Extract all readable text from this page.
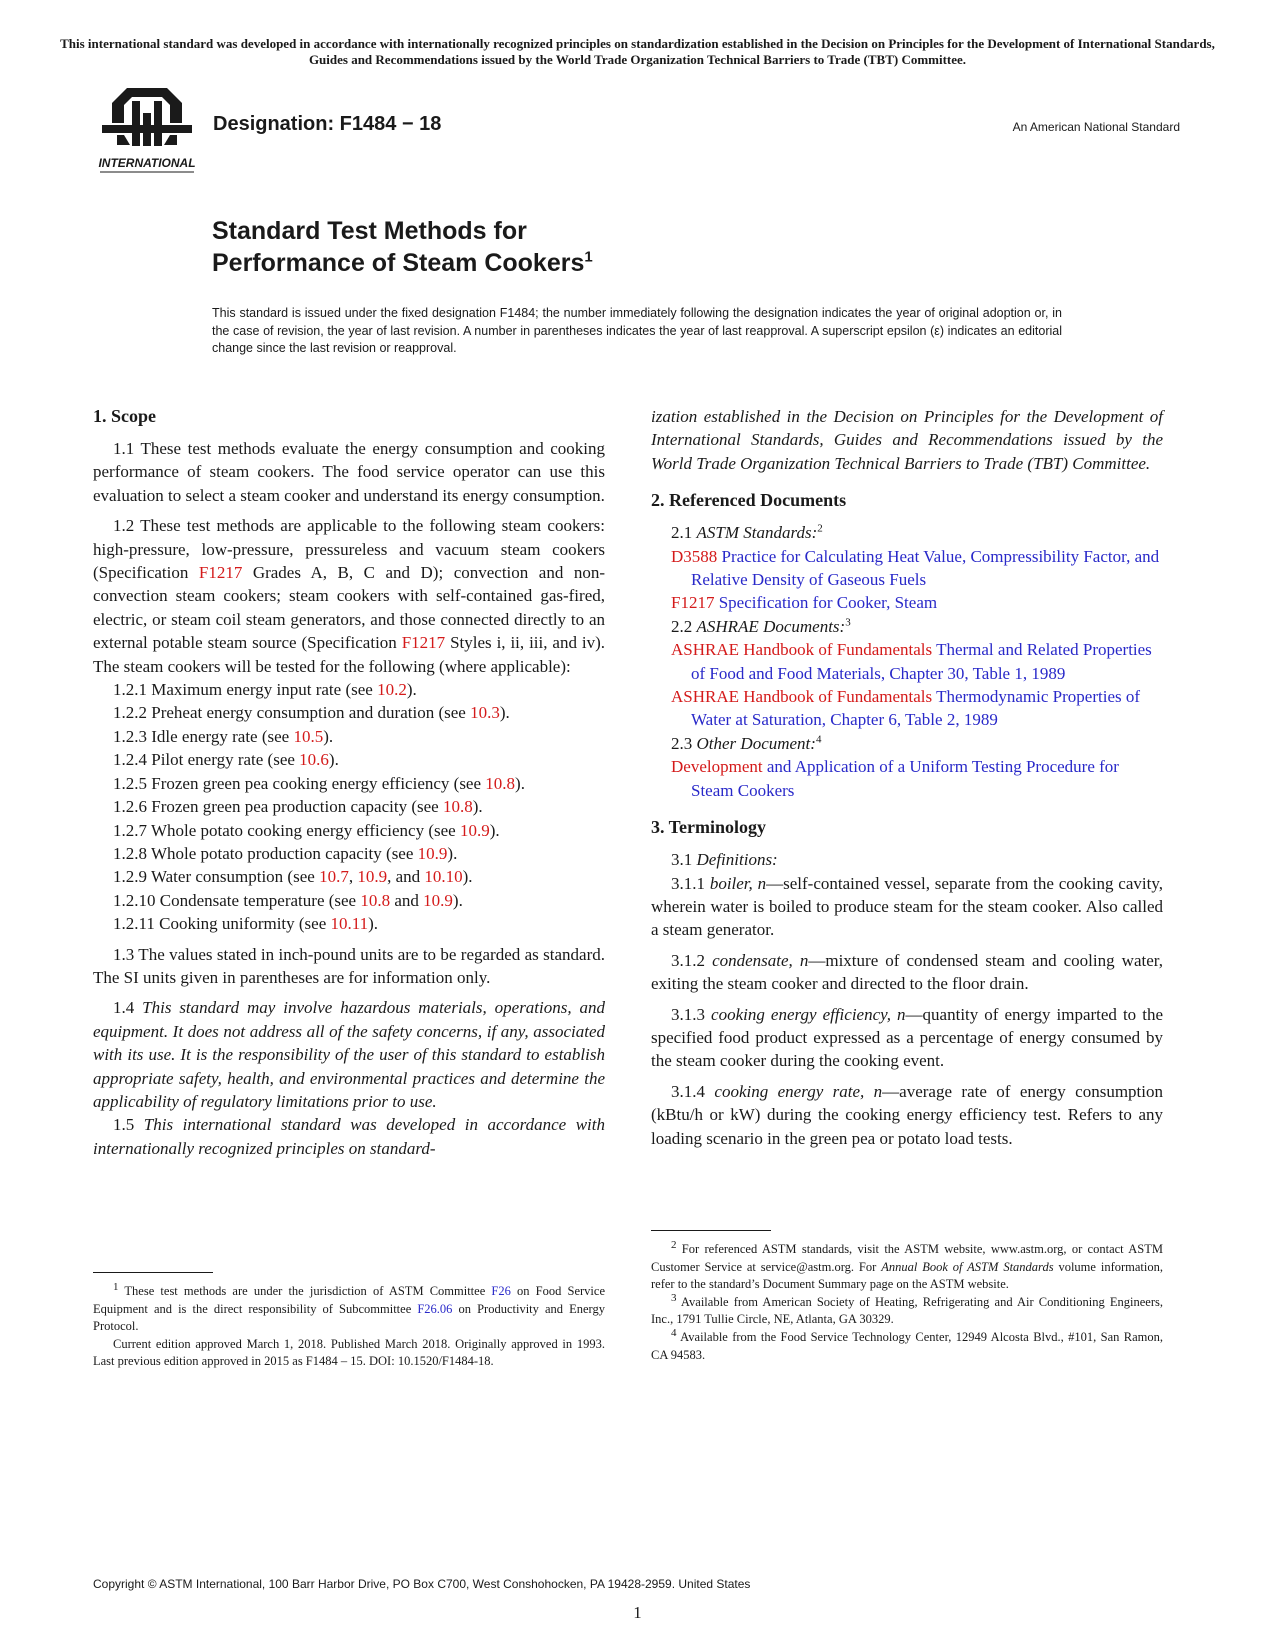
This international standard was developed in accordance with internationally recognized principles on standardization established in the Decision on Principles for the Development of International Standards, Guides and Recommendations issued by the World Trade Organization Technical Barriers to Trade (TBT) Committee.
INTERNATIONAL
Designation: F1484 − 18	An American National Standard
Standard Test Methods for
Performance of Steam Cookers$^1$
This standard is issued under the fixed designation F1484; the number immediately following the designation indicates the year of original adoption or, in the case of revision, the year of last revision. A number in parentheses indicates the year of last reapproval. A superscript epsilon (ε) indicates an editorial change since the last revision or reapproval.
1. Scope

1.1 These test methods evaluate the energy consumption and cooking performance of steam cookers. The food service operator can use this evaluation to select a steam cooker and understand its energy consumption.

1.2 These test methods are applicable to the following steam cookers: high-pressure, low-pressure, pressureless and vacuum steam cookers (Specification F1217 Grades A, B, C and D); convection and non-convection steam cookers; steam cookers with self-contained gas-fired, electric, or steam coil steam generators, and those connected directly to an external potable steam source (Specification F1217 Styles i, ii, iii, and iv). The steam cookers will be tested for the following (where applicable):

1.2.1 Maximum energy input rate (see 10.2).
1.2.2 Preheat energy consumption and duration (see 10.3).
1.2.3 Idle energy rate (see 10.5).
1.2.4 Pilot energy rate (see 10.6).
1.2.5 Frozen green pea cooking energy efficiency (see 10.8).
1.2.6 Frozen green pea production capacity (see 10.8).
1.2.7 Whole potato cooking energy efficiency (see 10.9).
1.2.8 Whole potato production capacity (see 10.9).
1.2.9 Water consumption (see 10.7, 10.9, and 10.10).
1.2.10 Condensate temperature (see 10.8 and 10.9).
1.2.11 Cooking uniformity (see 10.11).

1.3 The values stated in inch-pound units are to be regarded as standard. The SI units given in parentheses are for information only.

1.4 This standard may involve hazardous materials, operations, and equipment. It does not address all of the safety concerns, if any, associated with its use. It is the responsibility of the user of this standard to establish appropriate safety, health, and environmental practices and determine the applicability of regulatory limitations prior to use.

1.5 This international standard was developed in accordance with internationally recognized principles on standard-

$^1$ These test methods are under the jurisdiction of ASTM Committee F26 on Food Service Equipment and is the direct responsibility of Subcommittee F26.06 on Productivity and Energy Protocol.
Current edition approved March 1, 2018. Published March 2018. Originally approved in 1993. Last previous edition approved in 2015 as F1484 – 15. DOI: 10.1520/F1484-18.

ization established in the Decision on Principles for the Development of International Standards, Guides and Recommendations issued by the World Trade Organization Technical Barriers to Trade (TBT) Committee.

2. Referenced Documents
2.1 ASTM Standards:$^2$
D3588 Practice for Calculating Heat Value, Compressibility Factor, and Relative Density of Gaseous Fuels
F1217 Specification for Cooker, Steam
2.2 ASHRAE Documents:$^3$
ASHRAE Handbook of Fundamentals Thermal and Related Properties of Food and Food Materials, Chapter 30, Table 1, 1989
ASHRAE Handbook of Fundamentals Thermodynamic Properties of Water at Saturation, Chapter 6, Table 2, 1989
2.3 Other Document:$^4$
Development and Application of a Uniform Testing Procedure for Steam Cookers
3. Terminology
3.1 Definitions:

3.1.1 boiler, n—self-contained vessel, separate from the cooking cavity, wherein water is boiled to produce steam for the steam cooker. Also called a steam generator.

3.1.2 condensate, n—mixture of condensed steam and cooling water, exiting the steam cooker and directed to the floor drain.

3.1.3 cooking energy efficiency, n—quantity of energy imparted to the specified food product expressed as a percentage of energy consumed by the steam cooker during the cooking event.

3.1.4 cooking energy rate, n—average rate of energy consumption (kBtu/h or kW) during the cooking energy efficiency test. Refers to any loading scenario in the green pea or potato load tests.

$^2$ For referenced ASTM standards, visit the ASTM website, www.astm.org, or contact ASTM Customer Service at service@astm.org. For Annual Book of ASTM Standards volume information, refer to the standard’s Document Summary page on the ASTM website.
$^3$ Available from American Society of Heating, Refrigerating and Air Conditioning Engineers, Inc., 1791 Tullie Circle, NE, Atlanta, GA 30329.
$^4$ Available from the Food Service Technology Center, 12949 Alcosta Blvd., #101, San Ramon, CA 94583.
Copyright © ASTM International, 100 Barr Harbor Drive, PO Box C700, West Conshohocken, PA 19428-2959. United States
1
